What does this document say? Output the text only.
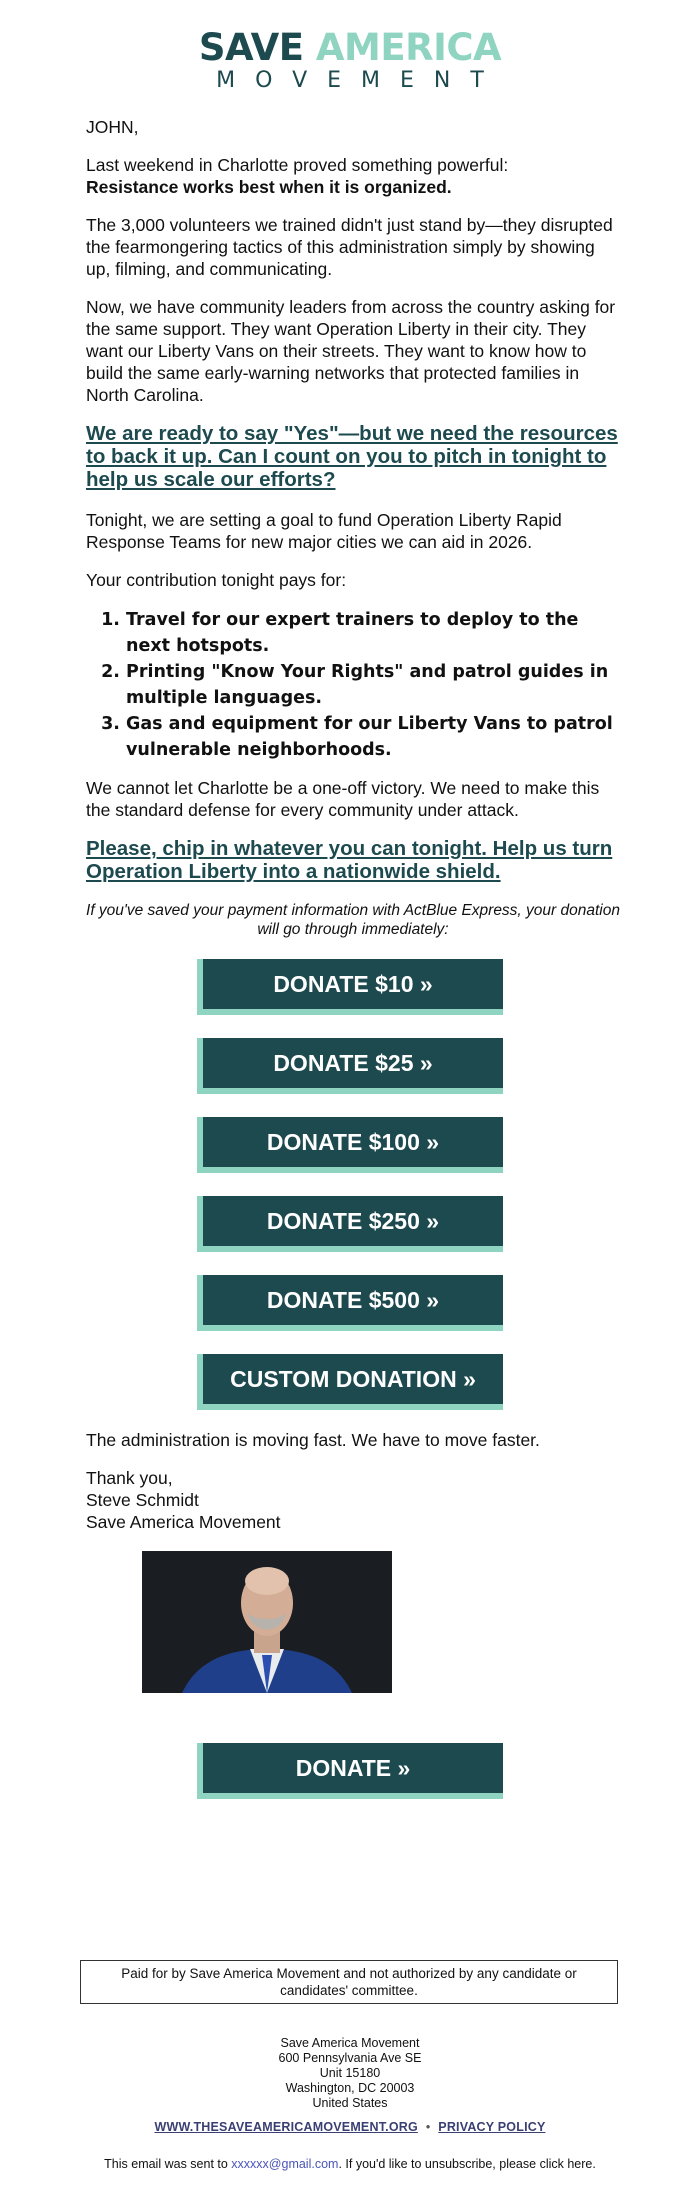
SAVE AMERICA
MOVEMENT

JOHN,

Last weekend in Charlotte proved something powerful:
Resistance works best when it is organized.

The 3,000 volunteers we trained didn't just stand by—they disrupted the fearmongering tactics of this administration simply by showing up, filming, and communicating.

Now, we have community leaders from across the country asking for the same support. They want Operation Liberty in their city. They want our Liberty Vans on their streets. They want to know how to build the same early-warning networks that protected families in North Carolina.

We are ready to say "Yes"—but we need the resources to back it up. Can I count on you to pitch in tonight to help us scale our efforts?

Tonight, we are setting a goal to fund Operation Liberty Rapid Response Teams for new major cities we can aid in 2026.

Your contribution tonight pays for:

1. Travel for our expert trainers to deploy to the next hotspots.
2. Printing "Know Your Rights" and patrol guides in multiple languages.
3. Gas and equipment for our Liberty Vans to patrol vulnerable neighborhoods.

We cannot let Charlotte be a one-off victory. We need to make this the standard defense for every community under attack.

Please, chip in whatever you can tonight. Help us turn Operation Liberty into a nationwide shield.
If you've saved your payment information with ActBlue Express, your donation will go through immediately:
DONATE $10 »
DONATE $25 »
DONATE $100 »
DONATE $250 »
DONATE $500 »
CUSTOM DONATION »

The administration is moving fast. We have to move faster.

Thank you,
Steve Schmidt
Save America Movement
DONATE »
Paid for by Save America Movement and not authorized by any candidate or candidates' committee.
Save America Movement
600 Pennsylvania Ave SE
Unit 15180
Washington, DC 20003
United States
WWW.THESAVEAMERICAMOVEMENT.ORG • PRIVACY POLICY
This email was sent to xxxxxx@gmail.com. If you'd like to unsubscribe, please click here.
